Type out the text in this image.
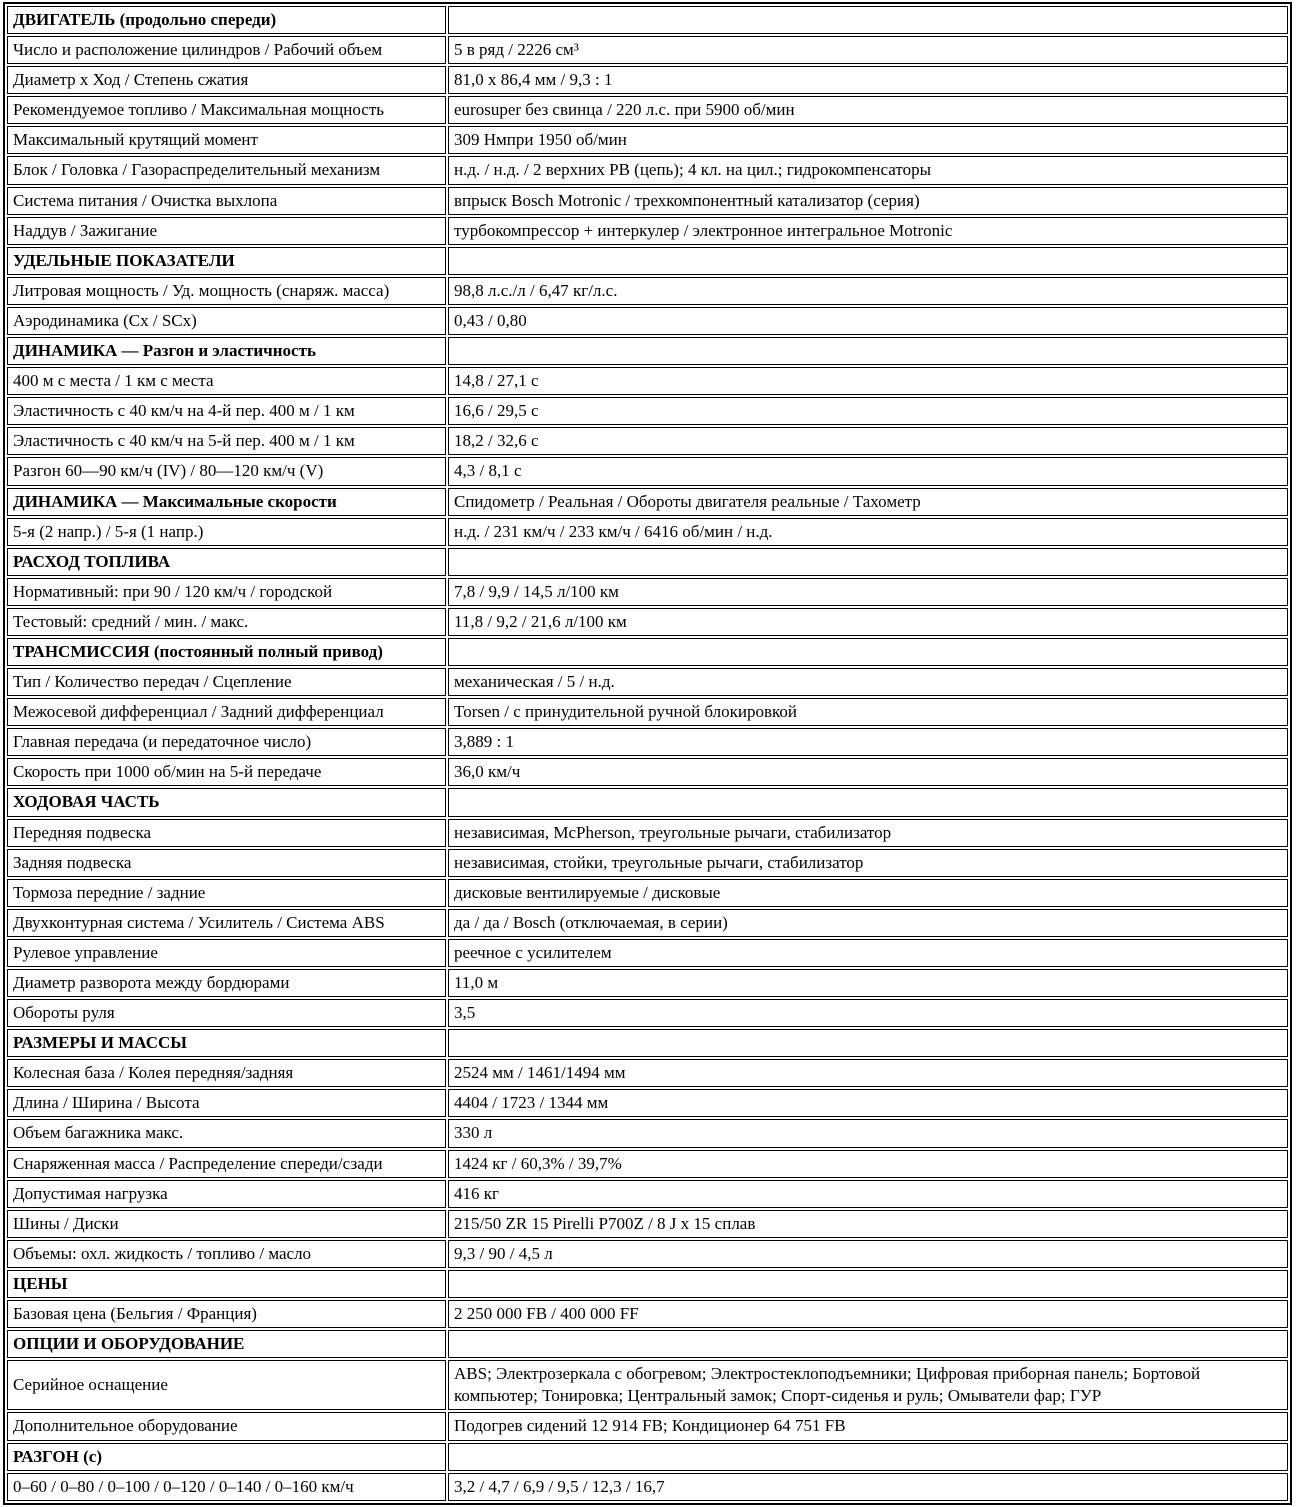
ДВИГАТЕЛЬ (продольно спереди)	
Число и расположение цилиндров / Рабочий объем	5 в ряд / 2226 см³
Диаметр x Ход / Степень сжатия	81,0 x 86,4 мм / 9,3 : 1
Рекомендуемое топливо / Максимальная мощность	eurosuper без свинца / 220 л.с. при 5900 об/мин
Максимальный крутящий момент	309 Нмпри 1950 об/мин
Блок / Головка / Газораспределительный механизм	н.д. / н.д. / 2 верхних РВ (цепь); 4 кл. на цил.; гидрокомпенсаторы
Система питания / Очистка выхлопа	впрыск Bosch Motronic / трехкомпонентный катализатор (серия)
Наддув / Зажигание	турбокомпрессор + интеркулер / электронное интегральное Motronic
УДЕЛЬНЫЕ ПОКАЗАТЕЛИ	
Литровая мощность / Уд. мощность (снаряж. масса)	98,8 л.с./л / 6,47 кг/л.с.
Аэродинамика (Cx / SCx)	0,43 / 0,80
ДИНАМИКА — Разгон и эластичность	
400 м с места / 1 км с места	14,8 / 27,1 с
Эластичность с 40 км/ч на 4-й пер. 400 м / 1 км	16,6 / 29,5 с
Эластичность с 40 км/ч на 5-й пер. 400 м / 1 км	18,2 / 32,6 с
Разгон 60—90 км/ч (IV) / 80—120 км/ч (V)	4,3 / 8,1 с
ДИНАМИКА — Максимальные скорости	Спидометр / Реальная / Обороты двигателя реальные / Тахометр
5-я (2 напр.) / 5-я (1 напр.)	н.д. / 231 км/ч / 233 км/ч / 6416 об/мин / н.д.
РАСХОД ТОПЛИВА	
Нормативный: при 90 / 120 км/ч / городской	7,8 / 9,9 / 14,5 л/100 км
Тестовый: средний / мин. / макс.	11,8 / 9,2 / 21,6 л/100 км
ТРАНСМИССИЯ (постоянный полный привод)	
Тип / Количество передач / Сцепление	механическая / 5 / н.д.
Межосевой дифференциал / Задний дифференциал	Torsen / с принудительной ручной блокировкой
Главная передача (и передаточное число)	3,889 : 1
Скорость при 1000 об/мин на 5-й передаче	36,0 км/ч
ХОДОВАЯ ЧАСТЬ	
Передняя подвеска	независимая, McPherson, треугольные рычаги, стабилизатор
Задняя подвеска	независимая, стойки, треугольные рычаги, стабилизатор
Тормоза передние / задние	дисковые вентилируемые / дисковые
Двухконтурная система / Усилитель / Система ABS	да / да / Bosch (отключаемая, в серии)
Рулевое управление	реечное с усилителем
Диаметр разворота между бордюрами	11,0 м
Обороты руля	3,5
РАЗМЕРЫ И МАССЫ	
Колесная база / Колея передняя/задняя	2524 мм / 1461/1494 мм
Длина / Ширина / Высота	4404 / 1723 / 1344 мм
Объем багажника макс.	330 л
Снаряженная масса / Распределение спереди/сзади	1424 кг / 60,3% / 39,7%
Допустимая нагрузка	416 кг
Шины / Диски	215/50 ZR 15 Pirelli P700Z / 8 J x 15 сплав
Объемы: охл. жидкость / топливо / масло	9,3 / 90 / 4,5 л
ЦЕНЫ	
Базовая цена (Бельгия / Франция)	2 250 000 FB / 400 000 FF
ОПЦИИ И ОБОРУДОВАНИЕ	
Серийное оснащение	ABS; Электрозеркала с обогревом; Электростеклоподъемники; Цифровая приборная панель; Бортовой компьютер; Тонировка; Центральный замок; Спорт-сиденья и руль; Омыватели фар; ГУР
Дополнительное оборудование	Подогрев сидений 12 914 FB; Кондиционер 64 751 FB
РАЗГОН (с)	
0–60 / 0–80 / 0–100 / 0–120 / 0–140 / 0–160 км/ч	3,2 / 4,7 / 6,9 / 9,5 / 12,3 / 16,7
